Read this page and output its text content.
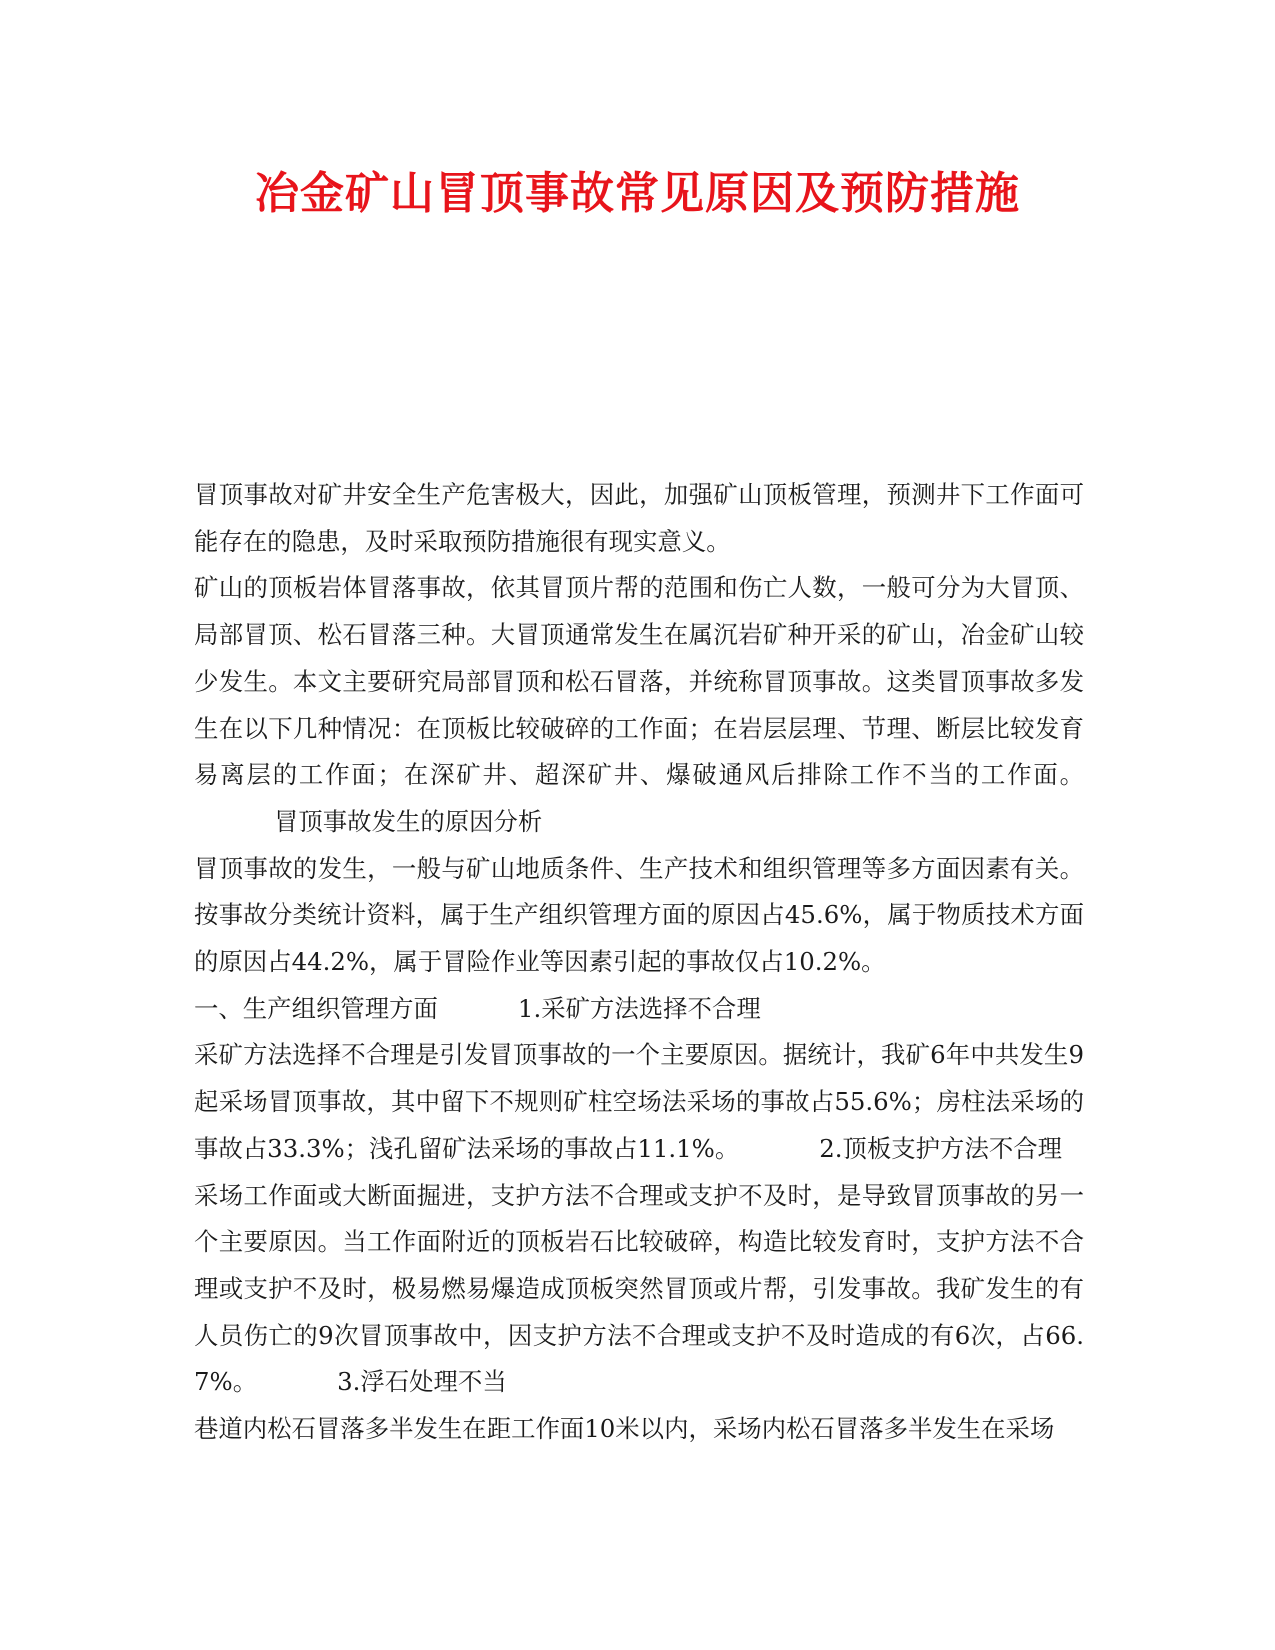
冶金矿山冒顶事故常见原因及预防措施

冒顶事故对矿井安全生产危害极大，因此，加强矿山顶板管理，预测井下工作面可能存在的隐患，及时采取预防措施很有现实意义。

矿山的顶板岩体冒落事故，依其冒顶片帮的范围和伤亡人数，一般可分为大冒顶、局部冒顶、松石冒落三种。大冒顶通常发生在属沉岩矿种开采的矿山，冶金矿山较少发生。本文主要研究局部冒顶和松石冒落，并统称冒顶事故。这类冒顶事故多发生在以下几种情况：在顶板比较破碎的工作面；在岩层层理、节理、断层比较发育易离层的工作面；在深矿井、超深矿井、爆破通风后排除工作不当的工作面。冒顶事故发生的原因分析

冒顶事故的发生，一般与矿山地质条件、生产技术和组织管理等多方面因素有关。按事故分类统计资料，属于生产组织管理方面的原因占45.6%，属于物质技术方面的原因占44.2%，属于冒险作业等因素引起的事故仅占10.2%。

一、生产组织管理方面	1.采矿方法选择不合理

采矿方法选择不合理是引发冒顶事故的一个主要原因。据统计，我矿6年中共发生9起采场冒顶事故，其中留下不规则矿柱空场法采场的事故占55.6%；房柱法采场的事故占33.3%；浅孔留矿法采场的事故占11.1%。	2.顶板支护方法不合理

采场工作面或大断面掘进，支护方法不合理或支护不及时，是导致冒顶事故的另一个主要原因。当工作面附近的顶板岩石比较破碎，构造比较发育时，支护方法不合理或支护不及时，极易燃易爆造成顶板突然冒顶或片帮，引发事故。我矿发生的有人员伤亡的9次冒顶事故中，因支护方法不合理或支护不及时造成的有6次，占66.7%。	3.浮石处理不当

巷道内松石冒落多半发生在距工作面10米以内，采场内松石冒落多半发生在采场
